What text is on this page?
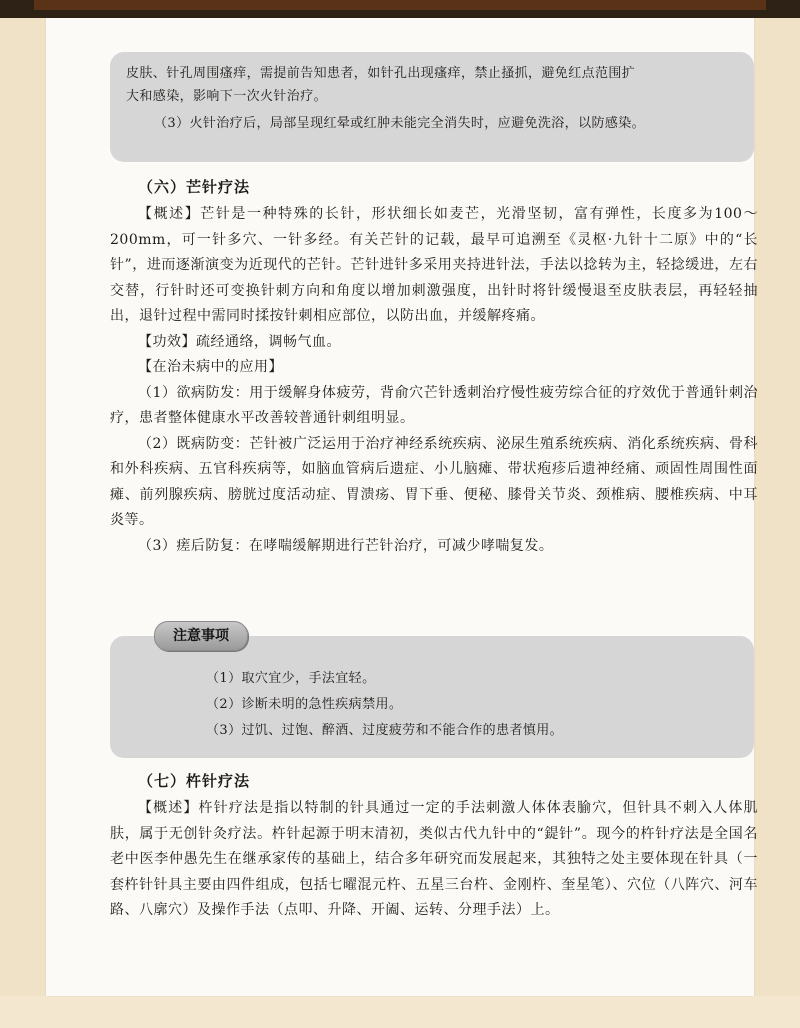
皮肤、针孔周围瘙痒，需提前告知患者，如针孔出现瘙痒，禁止搔抓，避免红点范围扩

大和感染，影响下一次火针治疗。

（3）火针治疗后，局部呈现红晕或红肿未能完全消失时，应避免洗浴，以防感染。

（六）芒针疗法

【概述】芒针是一种特殊的长针，形状细长如麦芒，光滑坚韧，富有弹性，长度多为100～200mm，可一针多穴、一针多经。有关芒针的记载，最早可追溯至《灵枢·九针十二原》中的“长针”，进而逐渐演变为近现代的芒针。芒针进针多采用夹持进针法，手法以捻转为主，轻捻缓进，左右交替，行针时还可变换针刺方向和角度以增加刺激强度，出针时将针缓慢退至皮肤表层，再轻轻抽出，退针过程中需同时揉按针刺相应部位，以防出血，并缓解疼痛。

【功效】疏经通络，调畅气血。

【在治未病中的应用】

（1）欲病防发：用于缓解身体疲劳，背俞穴芒针透刺治疗慢性疲劳综合征的疗效优于普通针刺治疗，患者整体健康水平改善较普通针刺组明显。

（2）既病防变：芒针被广泛运用于治疗神经系统疾病、泌尿生殖系统疾病、消化系统疾病、骨科和外科疾病、五官科疾病等，如脑血管病后遗症、小儿脑瘫、带状疱疹后遗神经痛、顽固性周围性面瘫、前列腺疾病、膀胱过度活动症、胃溃疡、胃下垂、便秘、膝骨关节炎、颈椎病、腰椎疾病、中耳炎等。

（3）瘥后防复：在哮喘缓解期进行芒针治疗，可减少哮喘复发。

注意事项

（1）取穴宜少，手法宜轻。

（2）诊断未明的急性疾病禁用。

（3）过饥、过饱、醉酒、过度疲劳和不能合作的患者慎用。

（七）杵针疗法

【概述】杵针疗法是指以特制的针具通过一定的手法刺激人体体表腧穴，但针具不刺入人体肌肤，属于无创针灸疗法。杵针起源于明末清初，类似古代九针中的“鍉针”。现今的杵针疗法是全国名老中医李仲愚先生在继承家传的基础上，结合多年研究而发展起来，其独特之处主要体现在针具（一套杵针针具主要由四件组成，包括七曜混元杵、五星三台杵、金刚杵、奎星笔）、穴位（八阵穴、河车路、八廓穴）及操作手法（点叩、升降、开阖、运转、分理手法）上。
